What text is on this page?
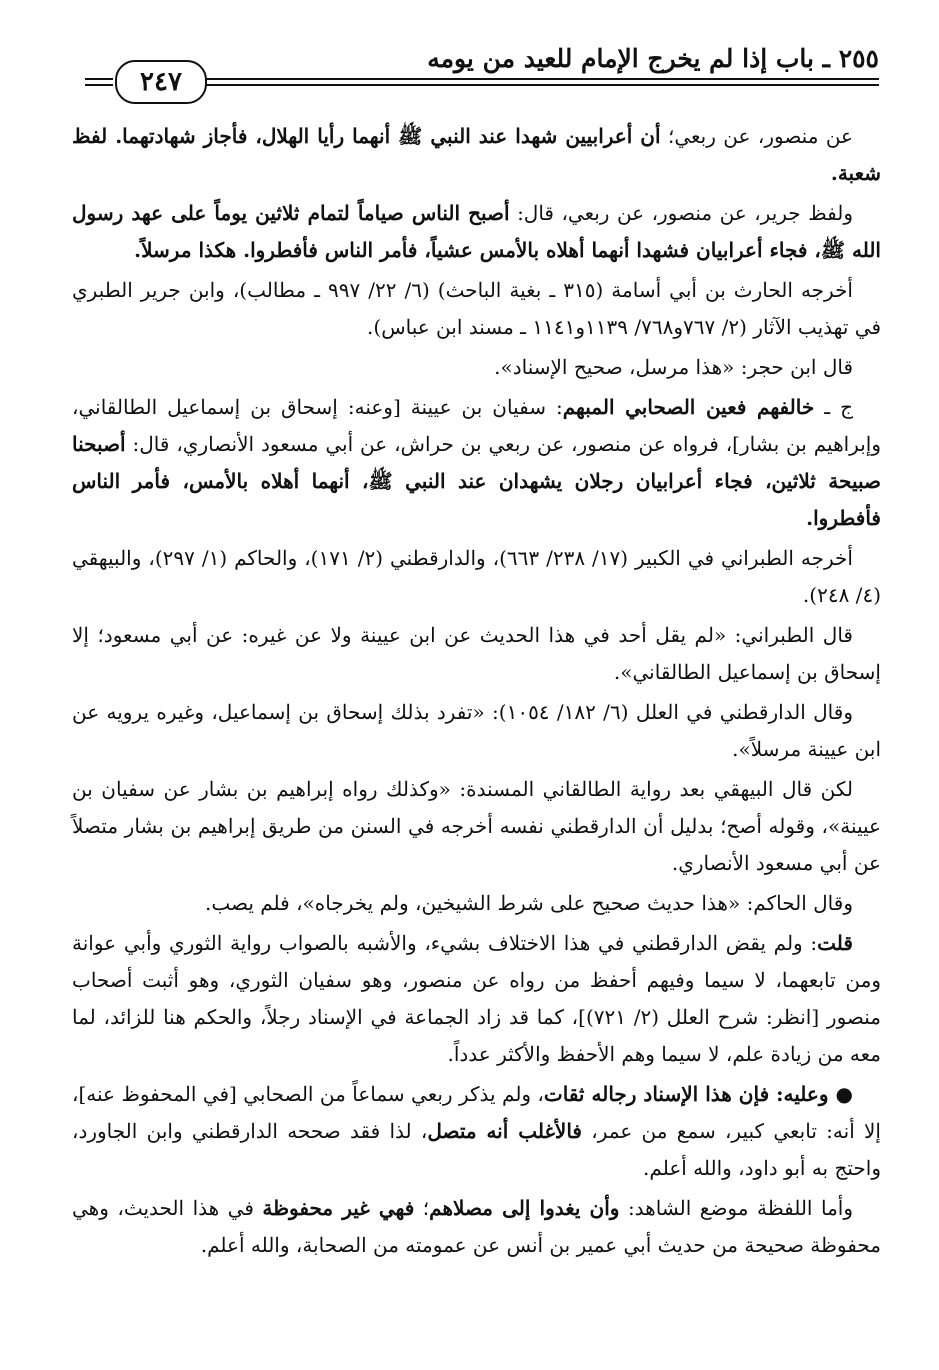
٢٥٥ ـ باب إذا لم يخرج الإمام للعيد من يومه
٢٤٧

عن منصور، عن ربعي؛ أن أعرابيين شهدا عند النبي ﷺ أنهما رأيا الهلال، فأجاز شهادتهما. لفظ شعبة.

ولفظ جرير، عن منصور، عن ربعي، قال: أصبح الناس صياماً لتمام ثلاثين يوماً على عهد رسول الله ﷺ، فجاء أعرابيان فشهدا أنهما أهلاه بالأمس عشياً، فأمر الناس فأفطروا. هكذا مرسلاً.

أخرجه الحارث بن أبي أسامة (٣١٥ ـ بغية الباحث) (٦/ ٢٢/ ٩٩٧ ـ مطالب)، وابن جرير الطبري في تهذيب الآثار (٢/ ٧٦٧و٧٦٨/ ١١٣٩و١١٤١ ـ مسند ابن عباس).

قال ابن حجر: «هذا مرسل، صحيح الإسناد».

ج ـ خالفهم فعين الصحابي المبهم: سفيان بن عيينة [وعنه: إسحاق بن إسماعيل الطالقاني، وإبراهيم بن بشار]، فرواه عن منصور، عن ربعي بن حراش، عن أبي مسعود الأنصاري، قال: أصبحنا صبيحة ثلاثين، فجاء أعرابيان رجلان يشهدان عند النبي ﷺ، أنهما أهلاه بالأمس، فأمر الناس فأفطروا.

أخرجه الطبراني في الكبير (١٧/ ٢٣٨/ ٦٦٣)، والدارقطني (٢/ ١٧١)، والحاكم (١/ ٢٩٧)، والبيهقي (٤/ ٢٤٨).

قال الطبراني: «لم يقل أحد في هذا الحديث عن ابن عيينة ولا عن غيره: عن أبي مسعود؛ إلا إسحاق بن إسماعيل الطالقاني».

وقال الدارقطني في العلل (٦/ ١٨٢/ ١٠٥٤): «تفرد بذلك إسحاق بن إسماعيل، وغيره يرويه عن ابن عيينة مرسلاً».

لكن قال البيهقي بعد رواية الطالقاني المسندة: «وكذلك رواه إبراهيم بن بشار عن سفيان بن عيينة»، وقوله أصح؛ بدليل أن الدارقطني نفسه أخرجه في السنن من طريق إبراهيم بن بشار متصلاً عن أبي مسعود الأنصاري.

وقال الحاكم: «هذا حديث صحيح على شرط الشيخين، ولم يخرجاه»، فلم يصب.

قلت: ولم يقض الدارقطني في هذا الاختلاف بشيء، والأشبه بالصواب رواية الثوري وأبي عوانة ومن تابعهما، لا سيما وفيهم أحفظ من رواه عن منصور، وهو سفيان الثوري، وهو أثبت أصحاب منصور [انظر: شرح العلل (٢/ ٧٢١)]، كما قد زاد الجماعة في الإسناد رجلاً، والحكم هنا للزائد، لما معه من زيادة علم، لا سيما وهم الأحفظ والأكثر عدداً.

● وعليه: فإن هذا الإسناد رجاله ثقات، ولم يذكر ربعي سماعاً من الصحابي [في المحفوظ عنه]، إلا أنه: تابعي كبير، سمع من عمر، فالأغلب أنه متصل، لذا فقد صححه الدارقطني وابن الجاورد، واحتج به أبو داود، والله أعلم.

وأما اللفظة موضع الشاهد: وأن يغدوا إلى مصلاهم؛ فهي غير محفوظة في هذا الحديث، وهي محفوظة صحيحة من حديث أبي عمير بن أنس عن عمومته من الصحابة، والله أعلم.
